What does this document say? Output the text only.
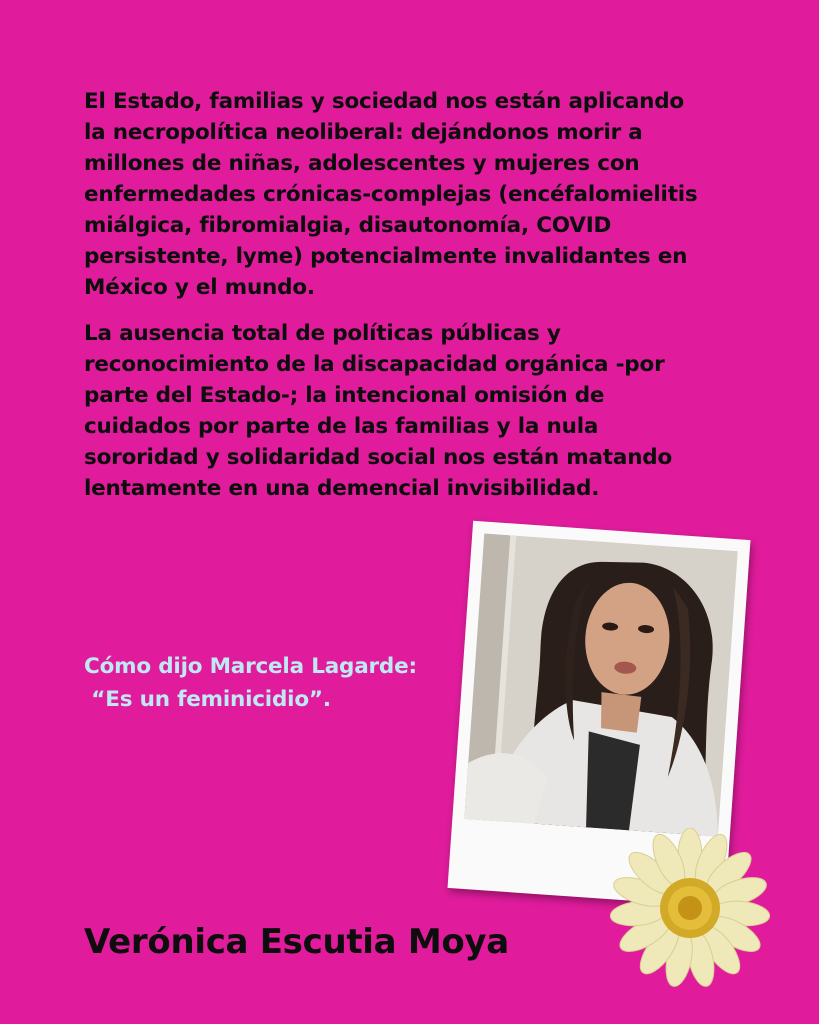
El Estado, familias y sociedad nos están aplicando
la necropolítica neoliberal: dejándonos morir a
millones de niñas, adolescentes y mujeres con
enfermedades crónicas-complejas (encéfalomielitis
miálgica, fibromialgia, disautonomía, COVID
persistente, lyme) potencialmente invalidantes en
México y el mundo.

La ausencia total de políticas públicas y
reconocimiento de la discapacidad orgánica -por
parte del Estado-; la intencional omisión de
cuidados por parte de las familias y la nula
sororidad y solidaridad social nos están matando
lentamente en una demencial invisibilidad.

Cómo dijo Marcela Lagarde:
“Es un feminicidio”.

Verónica Escutia Moya
